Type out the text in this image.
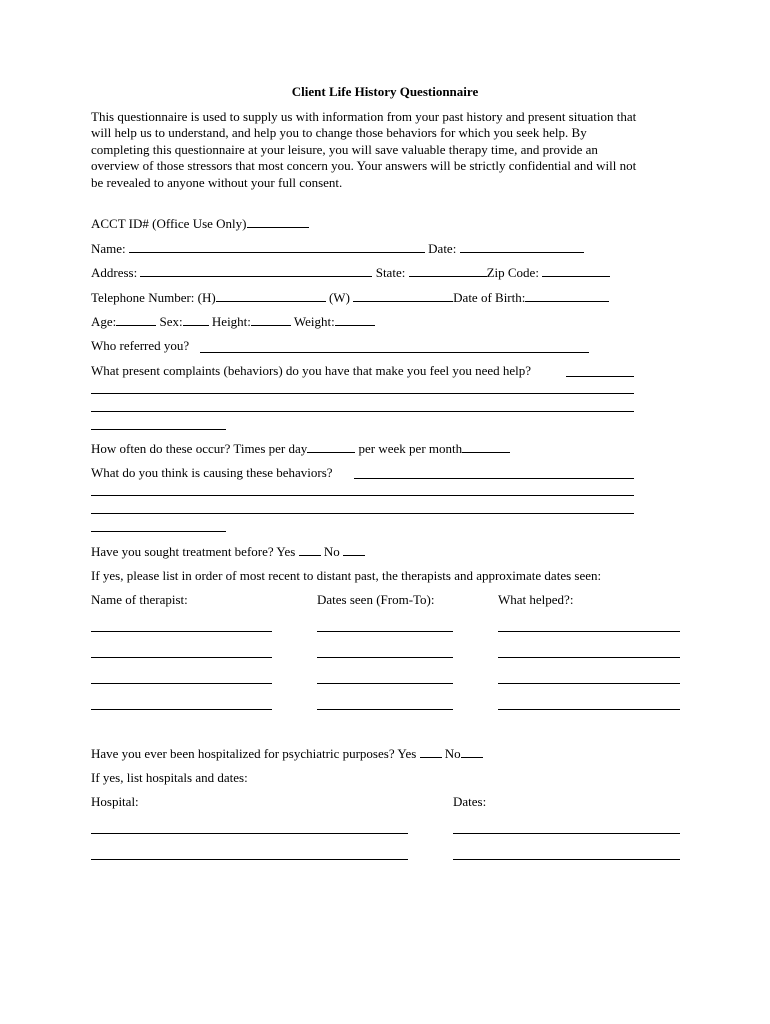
Client Life History Questionnaire
This questionnaire is used to supply us with information from your past history and present situation that
will help us to understand, and help you to change those behaviors for which you seek help. By
completing this questionnaire at your leisure, you will save valuable therapy time, and provide an
overview of those stressors that most concern you. Your answers will be strictly confidential and will not
be revealed to anyone without your full consent.
ACCT ID# (Office Use Only)
Name:	Date:
Address:	State:	Zip Code:
Telephone Number: (H)	(W)	Date of Birth:
Age:	Sex: Height:	Weight:
Who referred you?
What present complaints (behaviors) do you have that make you feel you need help?
How often do these occur? Times per day	per week per month
What do you think is causing these behaviors?
Have you sought treatment before? Yes No
If yes, please list in order of most recent to distant past, the therapists and approximate dates seen:
Name of therapist:	Dates seen (From-To):	What helped?:
Have you ever been hospitalized for psychiatric purposes? Yes No
If yes, list hospitals and dates:
Hospital:	Dates:
